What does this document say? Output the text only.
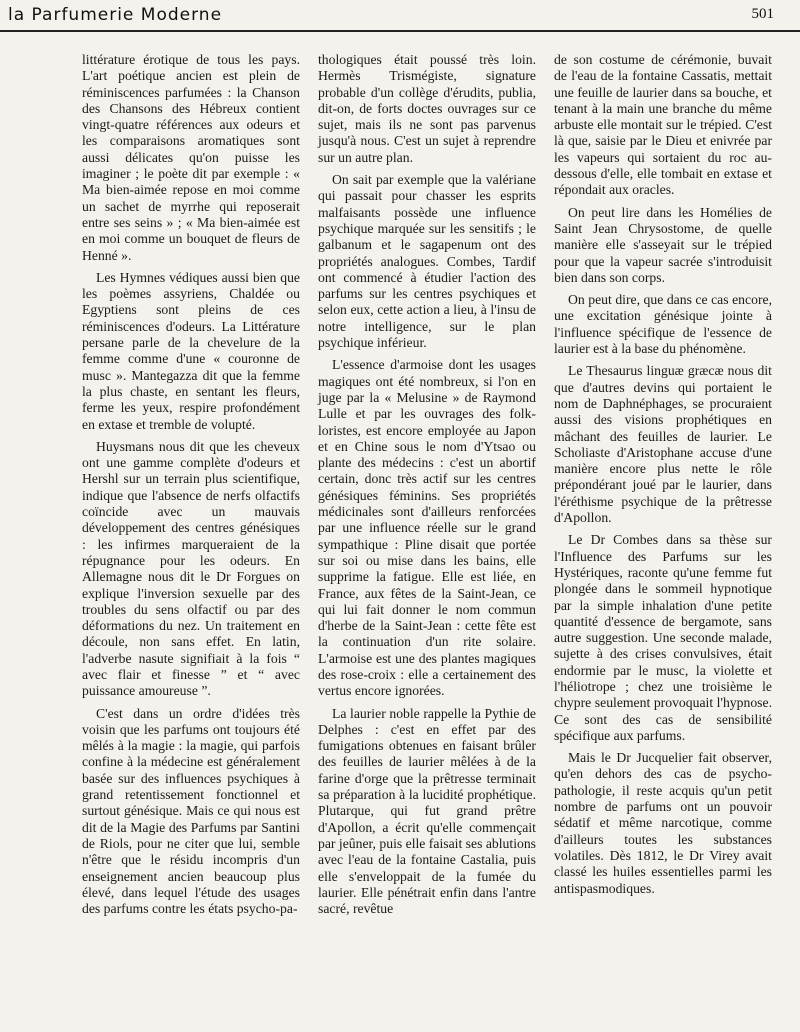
la Parfumerie Moderne	501

littérature érotique de tous les pays. L'art poétique ancien est plein de réminiscences parfumées : la Chanson des Chansons des Hébreux contient vingt-quatre références aux odeurs et les comparaisons aromatiques sont aussi délicates qu'on puisse les imaginer ; le poète dit par exemple : « Ma bien-aimée repose en moi comme un sachet de myrrhe qui reposerait entre ses seins » ; « Ma bien-aimée est en moi comme un bouquet de fleurs de Henné ».

Les Hymnes védiques aussi bien que les poèmes assyriens, Chaldée ou Egyptiens sont pleins de ces réminiscences d'odeurs. La Littérature persane parle de la chevelure de la femme comme d'une « couronne de musc ». Mantegazza dit que la femme la plus chaste, en sentant les fleurs, ferme les yeux, respire profondément en extase et tremble de volupté.

Huysmans nous dit que les cheveux ont une gamme complète d'odeurs et Hershl sur un terrain plus scientifique, indique que l'absence de nerfs olfactifs coïncide avec un mauvais développement des centres génésiques : les infirmes marqueraient de la répugnance pour les odeurs. En Allemagne nous dit le Dr Forgues on explique l'inversion sexuelle par des troubles du sens olfactif ou par des déformations du nez. Un traitement en découle, non sans effet. En latin, l'adverbe nasute signifiait à la fois “ avec flair et finesse ” et “ avec puissance amoureuse ”.

C'est dans un ordre d'idées très voisin que les parfums ont toujours été mêlés à la magie : la magie, qui parfois confine à la médecine est généralement basée sur des influences psychiques à grand retentissement fonctionnel et surtout génésique. Mais ce qui nous est dit de la Magie des Parfums par Santini de Riols, pour ne citer que lui, semble n'être que le résidu incompris d'un enseignement ancien beaucoup plus élevé, dans lequel l'étude des usages des parfums contre les états psycho-pa-

thologiques était poussé très loin. Hermès Trismégiste, signature probable d'un collège d'érudits, publia, dit-on, de forts doctes ouvrages sur ce sujet, mais ils ne sont pas parvenus jusqu'à nous. C'est un sujet à reprendre sur un autre plan.

On sait par exemple que la valériane qui passait pour chasser les esprits malfaisants possède une influence psychique marquée sur les sensitifs ; le galbanum et le sagapenum ont des propriétés analogues. Combes, Tardif ont commencé à étudier l'action des parfums sur les centres psychiques et selon eux, cette action a lieu, à l'insu de notre intelligence, sur le plan psychique inférieur.

L'essence d'armoise dont les usages magiques ont été nombreux, si l'on en juge par la « Melusine » de Raymond Lulle et par les ouvrages des folk-loristes, est encore employée au Japon et en Chine sous le nom d'Ytsao ou plante des médecins : c'est un abortif certain, donc très actif sur les centres génésiques féminins. Ses propriétés médicinales sont d'ailleurs renforcées par une influence réelle sur le grand sympathique : Pline disait que portée sur soi ou mise dans les bains, elle supprime la fatigue. Elle est liée, en France, aux fêtes de la Saint-Jean, ce qui lui fait donner le nom commun d'herbe de la Saint-Jean : cette fête est la continuation d'un rite solaire. L'armoise est une des plantes magiques des rose-croix : elle a certainement des vertus encore ignorées.

La laurier noble rappelle la Pythie de Delphes : c'est en effet par des fumigations obtenues en faisant brûler des feuilles de laurier mêlées à de la farine d'orge que la prêtresse terminait sa préparation à la lucidité prophétique. Plutarque, qui fut grand prêtre d'Apollon, a écrit qu'elle commençait par jeûner, puis elle faisait ses ablutions avec l'eau de la fontaine Castalia, puis elle s'enveloppait de la fumée du laurier. Elle pénétrait enfin dans l'antre sacré, revêtue

de son costume de cérémonie, buvait de l'eau de la fontaine Cassatis, mettait une feuille de laurier dans sa bouche, et tenant à la main une branche du même arbuste elle montait sur le trépied. C'est là que, saisie par le Dieu et enivrée par les vapeurs qui sortaient du roc au-dessous d'elle, elle tombait en extase et répondait aux oracles.

On peut lire dans les Homélies de Saint Jean Chrysostome, de quelle manière elle s'asseyait sur le trépied pour que la vapeur sacrée s'introduisit bien dans son corps.

On peut dire, que dans ce cas encore, une excitation génésique jointe à l'influence spécifique de l'essence de laurier est à la base du phénomène.

Le Thesaurus linguæ græcæ nous dit que d'autres devins qui portaient le nom de Daphnéphages, se procuraient aussi des visions prophétiques en mâchant des feuilles de laurier. Le Scholiaste d'Aristophane accuse d'une manière encore plus nette le rôle prépondérant joué par le laurier, dans l'éréthisme psychique de la prêtresse d'Apollon.

Le Dr Combes dans sa thèse sur l'Influence des Parfums sur les Hystériques, raconte qu'une femme fut plongée dans le sommeil hypnotique par la simple inhalation d'une petite quantité d'essence de bergamote, sans autre suggestion. Une seconde malade, sujette à des crises convulsives, était endormie par le musc, la violette et l'héliotrope ; chez une troisième le chypre seulement provoquait l'hypnose. Ce sont des cas de sensibilité spécifique aux parfums.

Mais le Dr Jucquelier fait observer, qu'en dehors des cas de psycho-pathologie, il reste acquis qu'un petit nombre de parfums ont un pouvoir sédatif et même narcotique, comme d'ailleurs toutes les substances volatiles. Dès 1812, le Dr Virey avait classé les huiles essentielles parmi les antispasmodiques.
